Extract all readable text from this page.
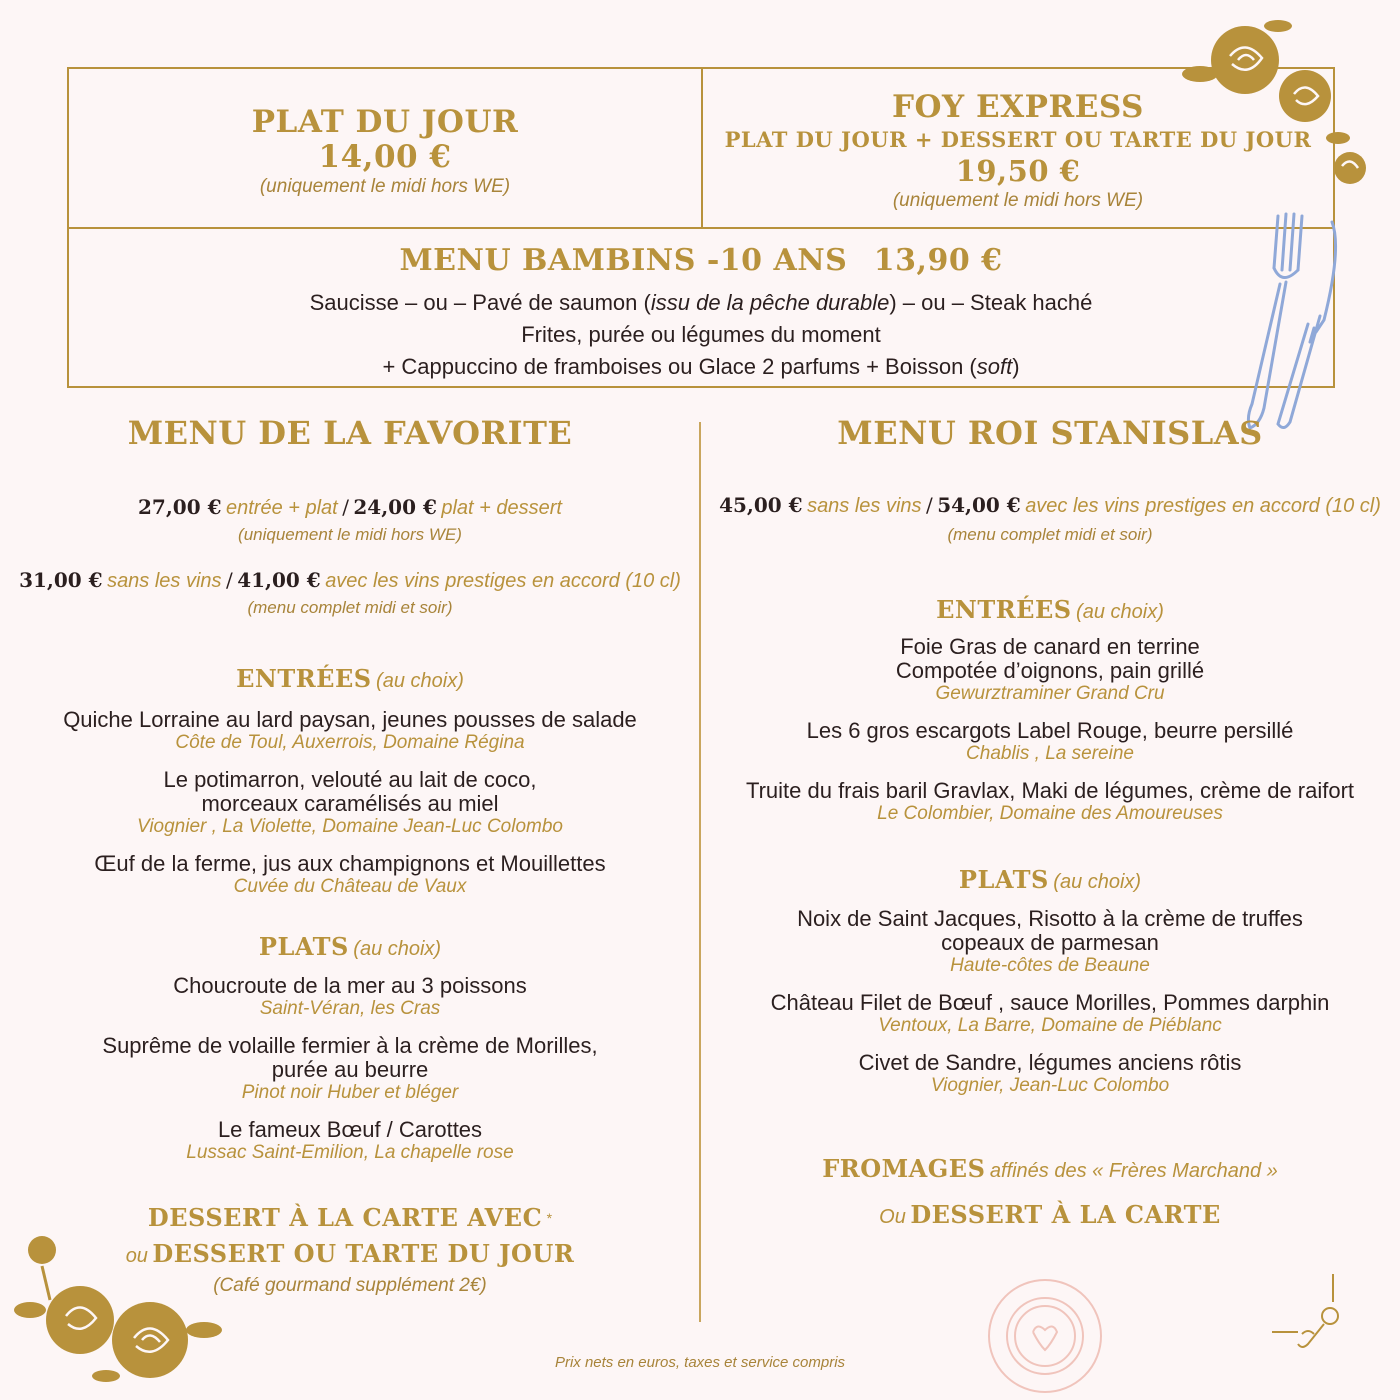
PLAT DU JOUR
14,00 €
(uniquement le midi hors WE)
FOY EXPRESS
PLAT DU JOUR + DESSERT OU TARTE DU JOUR
19,50 €
(uniquement le midi hors WE)
MENU BAMBINS -10 ANS 13,90 €
Saucisse – ou – Pavé de saumon (issu de la pêche durable) – ou – Steak haché
Frites, purée ou légumes du moment
+ Cappuccino de framboises ou Glace 2 parfums + Boisson (soft)
MENU DE LA FAVORITE
27,00 € entrée + plat / 24,00 € plat + dessert
(uniquement le midi hors WE)
31,00 € sans les vins / 41,00 € avec les vins prestiges en accord (10 cl)
(menu complet midi et soir)
ENTRÉES (au choix)
Quiche Lorraine au lard paysan, jeunes pousses de salade
Côte de Toul, Auxerrois, Domaine Régina
Le potimarron, velouté au lait de coco,
morceaux caramélisés au miel
Viognier , La Violette, Domaine Jean-Luc Colombo
Œuf de la ferme, jus aux champignons et Mouillettes
Cuvée du Château de Vaux
PLATS (au choix)
Choucroute de la mer au 3 poissons
Saint-Véran, les Cras
Suprême de volaille fermier à la crème de Morilles,
purée au beurre
Pinot noir Huber et bléger
Le fameux Bœuf / Carottes
Lussac Saint-Emilion, La chapelle rose
DESSERT À LA CARTE AVEC *
ou DESSERT OU TARTE DU JOUR
(Café gourmand supplément 2€)
MENU ROI STANISLAS
45,00 € sans les vins / 54,00 € avec les vins prestiges en accord (10 cl)
(menu complet midi et soir)
ENTRÉES (au choix)
Foie Gras de canard en terrine
Compotée d’oignons, pain grillé
Gewurztraminer Grand Cru
Les 6 gros escargots Label Rouge, beurre persillé
Chablis , La sereine
Truite du frais baril Gravlax, Maki de légumes, crème de raifort
Le Colombier, Domaine des Amoureuses
PLATS (au choix)
Noix de Saint Jacques, Risotto à la crème de truffes
copeaux de parmesan
Haute-côtes de Beaune
Château Filet de Bœuf , sauce Morilles, Pommes darphin
Ventoux, La Barre, Domaine de Piéblanc
Civet de Sandre, légumes anciens rôtis
Viognier, Jean-Luc Colombo
FROMAGES affinés des « Frères Marchand »
Ou DESSERT À LA CARTE
Prix nets en euros, taxes et service compris
